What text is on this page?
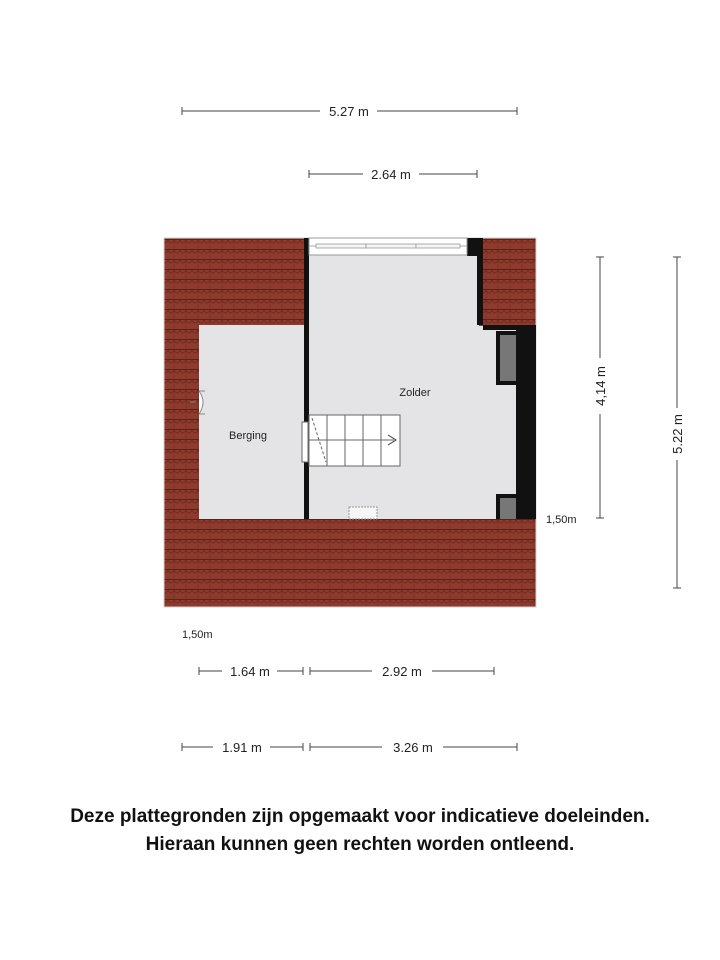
5.27 m
2.64 m
4,14 m
5.22 m
1.64 m	2.92 m
1.91 m	3.26 m
1,50m
1,50m
Zolder
Berging
Deze plattegronden zijn opgemaakt voor indicatieve doeleinden.
Hieraan kunnen geen rechten worden ontleend.
